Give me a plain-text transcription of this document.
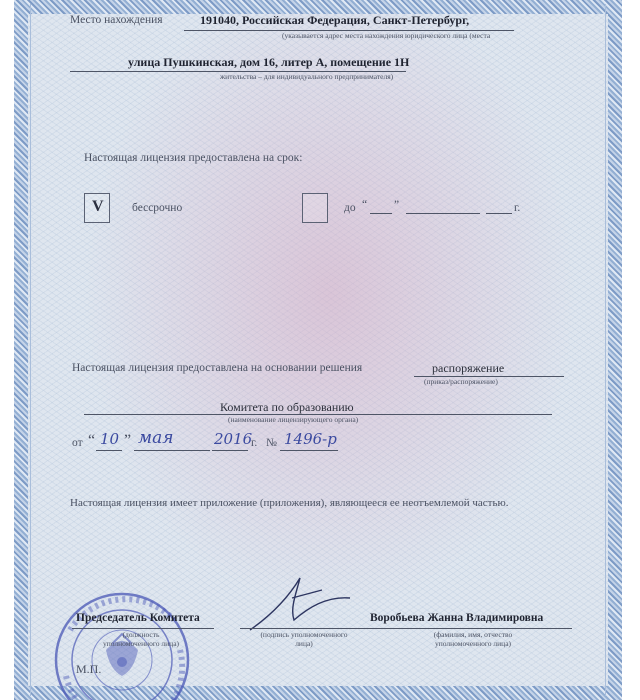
Место нахождения	191040, Российская Федерация, Санкт-Петербург,
(указывается адрес места нахождения юридического лица (места
улица Пушкинская, дом 16, литер А, помещение 1Н
жительства – для индивидуального предпринимателя)
Настоящая лицензия предоставлена на срок:
V бессрочно	до “ ”	г.
Настоящая лицензия предоставлена на основании решения	распоряжение
(приказ/распоряжение)
Комитета по образованию
(наименование лицензирующего органа)
от “ 10 ” мая	2016
г. № 1496-р
Настоящая лицензия имеет приложение (приложения), являющееся ее неотъемлемой частью.
Председатель Комитета
(должность уполномоченного лица)
(подпись уполномоченного лица)
Воробьева Жанна Владимировна
(фамилия, имя, отчество уполномоченного лица)
М.П.
